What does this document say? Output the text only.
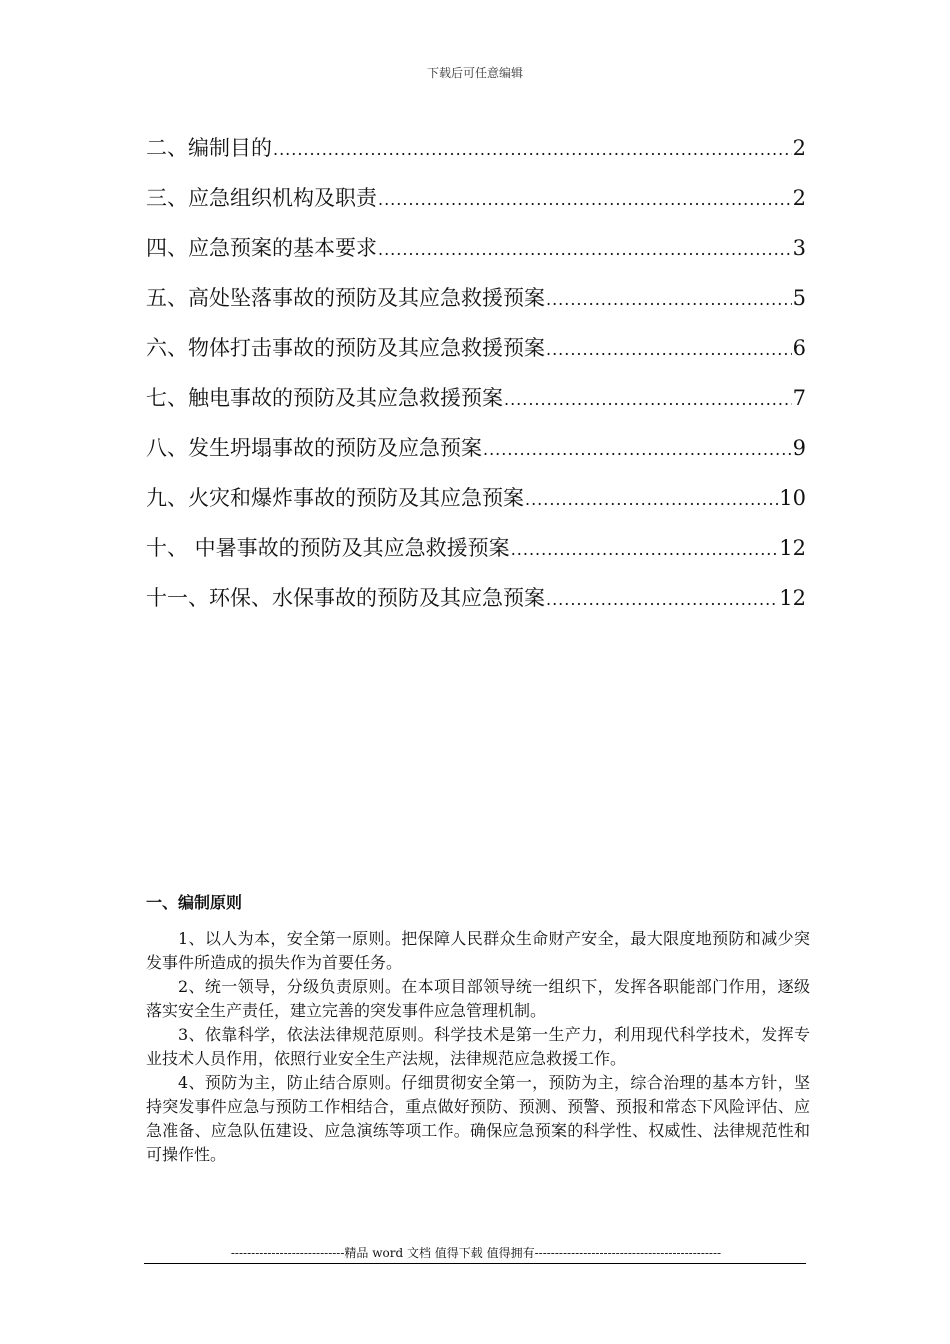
下载后可任意编辑
二、编制目的 .....	2
三、应急组织机构及职责 .....	2
四、应急预案的基本要求 .....	3
五、高处坠落事故的预防及其应急救援预案 .....	5
六、物体打击事故的预防及其应急救援预案 .....	6
七、触电事故的预防及其应急救援预案 .....	7
八、发生坍塌事故的预防及应急预案 .....	9
九、火灾和爆炸事故的预防及其应急预案 .....	10
十、 中暑事故的预防及其应急救援预案 .....	12
十一、环保、水保事故的预防及其应急预案 .....	12
一、编制原则

1、以人为本，安全第一原则。把保障人民群众生命财产安全，最大限度地预防和减少突发事件所造成的损失作为首要任务。

2、统一领导，分级负责原则。在本项目部领导统一组织下，发挥各职能部门作用，逐级落实安全生产责任，建立完善的突发事件应急管理机制。

3、依靠科学，依法法律规范原则。科学技术是第一生产力，利用现代科学技术，发挥专业技术人员作用，依照行业安全生产法规，法律规范应急救援工作。

4、预防为主，防止结合原则。仔细贯彻安全第一，预防为主，综合治理的基本方针，坚持突发事件应急与预防工作相结合，重点做好预防、预测、预警、预报和常态下风险评估、应急准备、应急队伍建设、应急演练等项工作。确保应急预案的科学性、权威性、法律规范性和可操作性。

----------------------------精品 word 文档 值得下载 值得拥有----------------------------------------------
